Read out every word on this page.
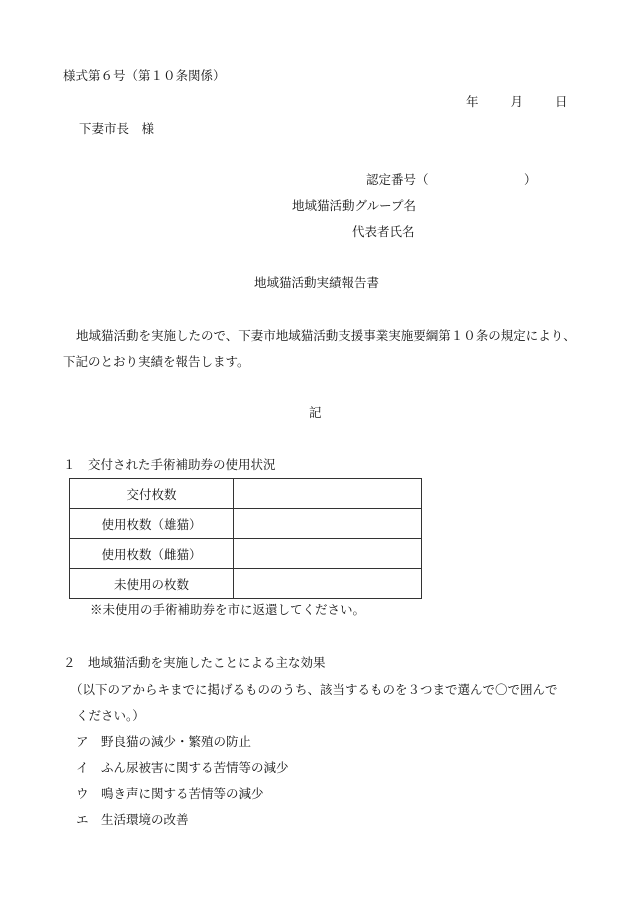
様式第６号（第１０条関係）
年	月	日
下妻市長　様
認定番号（	）
地域猫活動グループ名
代表者氏名
地域猫活動実績報告書
地域猫活動を実施したので、下妻市地域猫活動支援事業実施要綱第１０条の規定により、
下記のとおり実績を報告します。
記
１　交付された手術補助券の使用状況
交付枚数	
使用枚数（雄猫）	
使用枚数（雌猫）	
未使用の枚数	
※未使用の手術補助券を市に返還してください。
２　地域猫活動を実施したことによる主な効果
（以下のアからキまでに掲げるもののうち、該当するものを３つまで選んで〇で囲んで
ください。）
ア　野良猫の減少・繁殖の防止
イ　ふん尿被害に関する苦情等の減少
ウ　鳴き声に関する苦情等の減少
エ　生活環境の改善
